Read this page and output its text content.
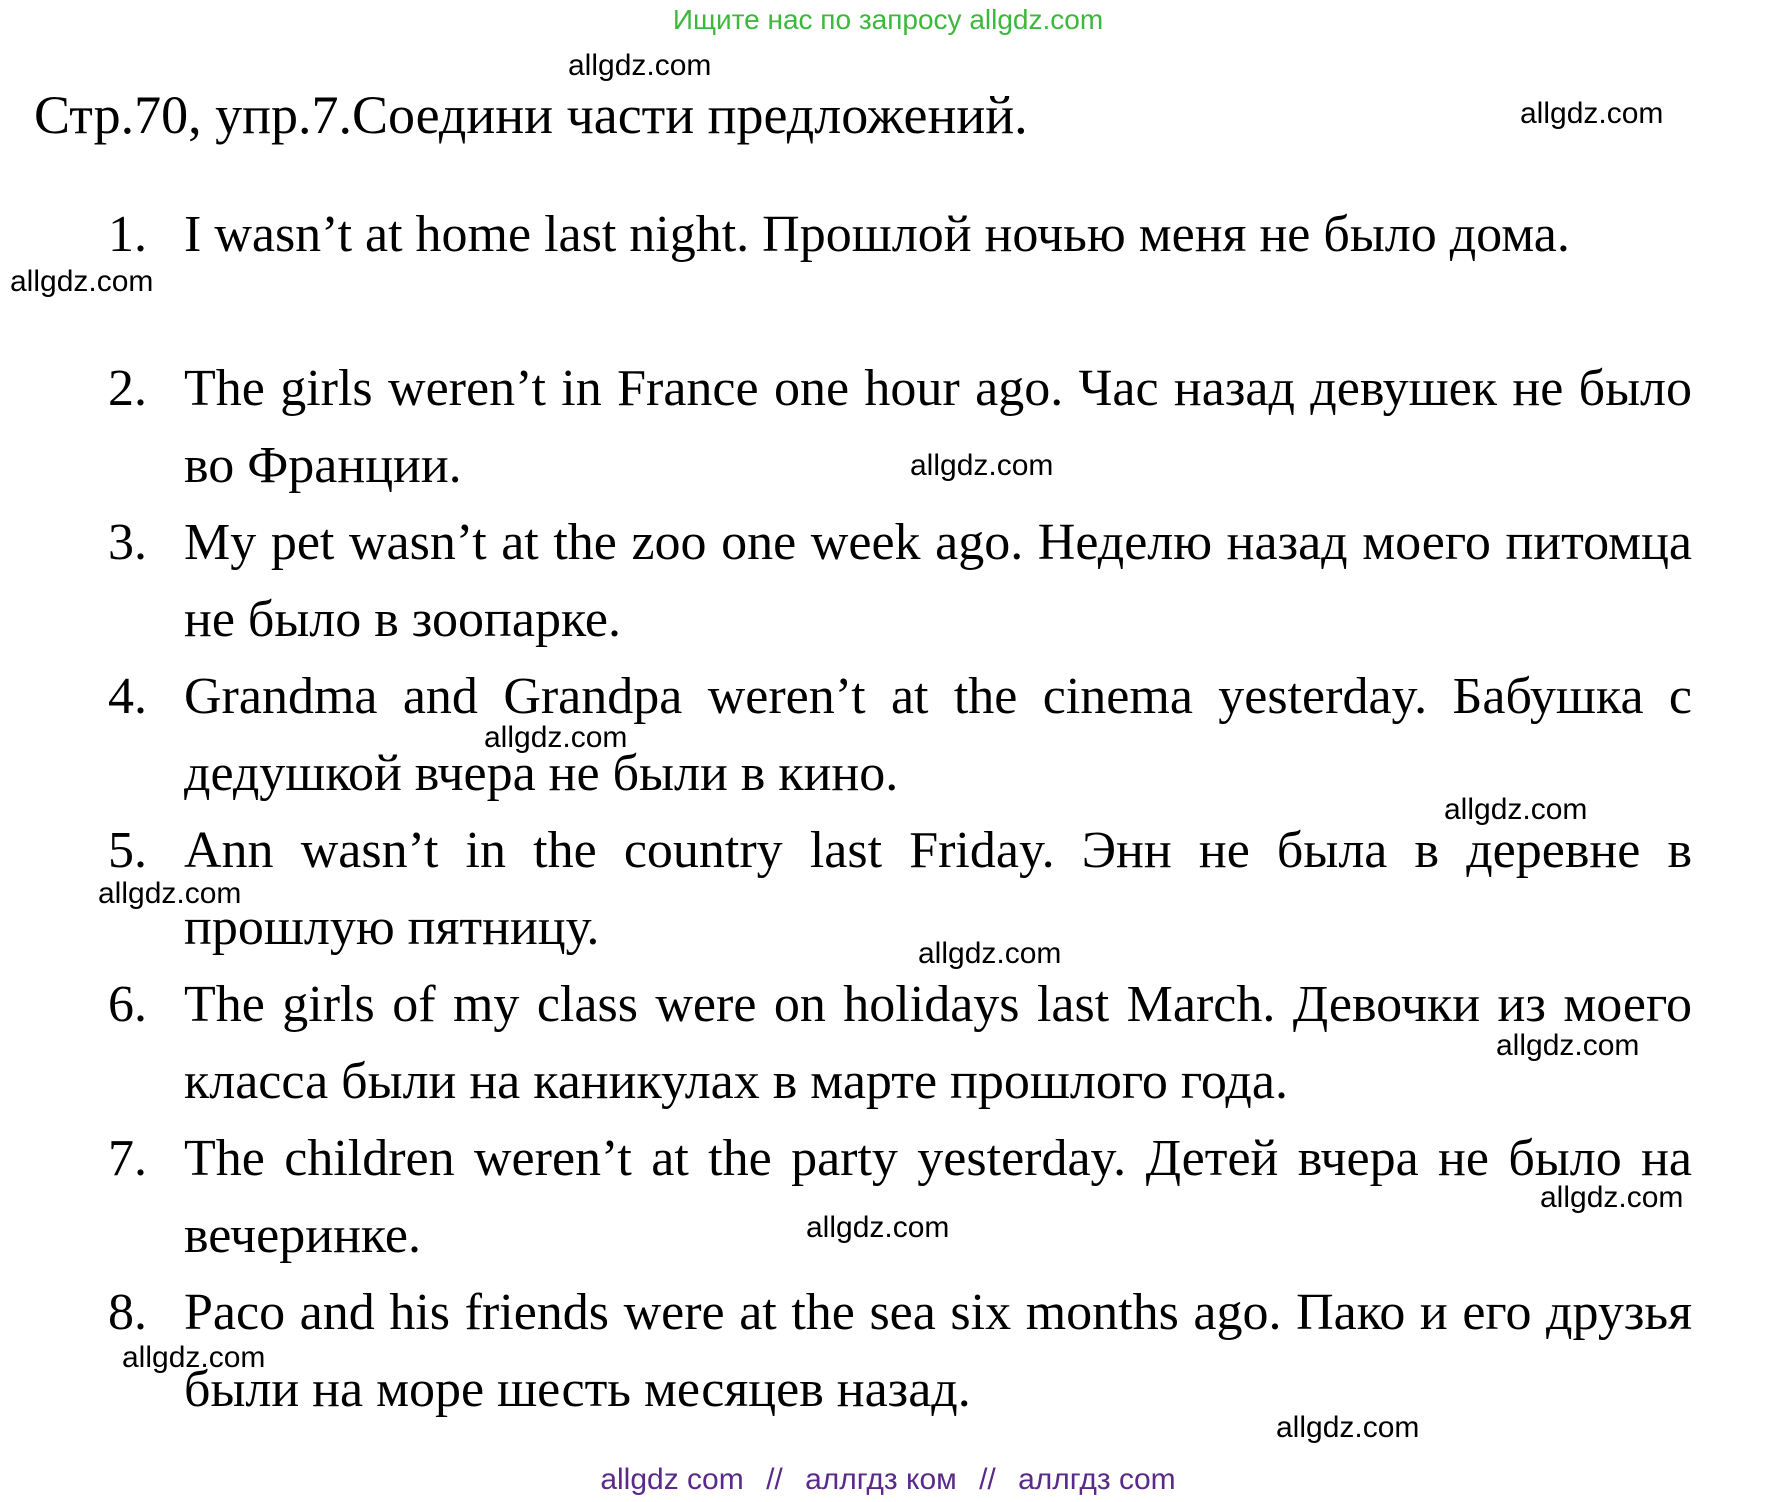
Ищите нас по запросу allgdz.com
Стр.70, упр.7.Соедини части предложений.
1. I wasn’t at home last night. Прошлой ночью меня не было дома.
2. The girls weren’t in France one hour ago. Час назад девушек не было во Франции.
3. My pet wasn’t at the zoo one week ago. Неделю назад моего питомца не было в зоопарке.
4. Grandma and Grandpa weren’t at the cinema yesterday. Бабушка с дедушкой вчера не были в кино.
5. Ann wasn’t in the country last Friday. Энн не была в деревне в прошлую пятницу.
6. The girls of my class were on holidays last March. Девочки из моего класса были на каникулах в марте прошлого года.
7. The children weren’t at the party yesterday. Детей вчера не было на вечеринке.
8. Paco and his friends were at the sea six months ago. Пако и его друзья были на море шесть месяцев назад.
allgdz.com
allgdz.com
allgdz.com
allgdz.com
allgdz.com
allgdz.com
allgdz.com
allgdz.com
allgdz.com
allgdz.com
allgdz.com
allgdz.com
allgdz.com
allgdz com // аллгдз ком // аллгдз com
